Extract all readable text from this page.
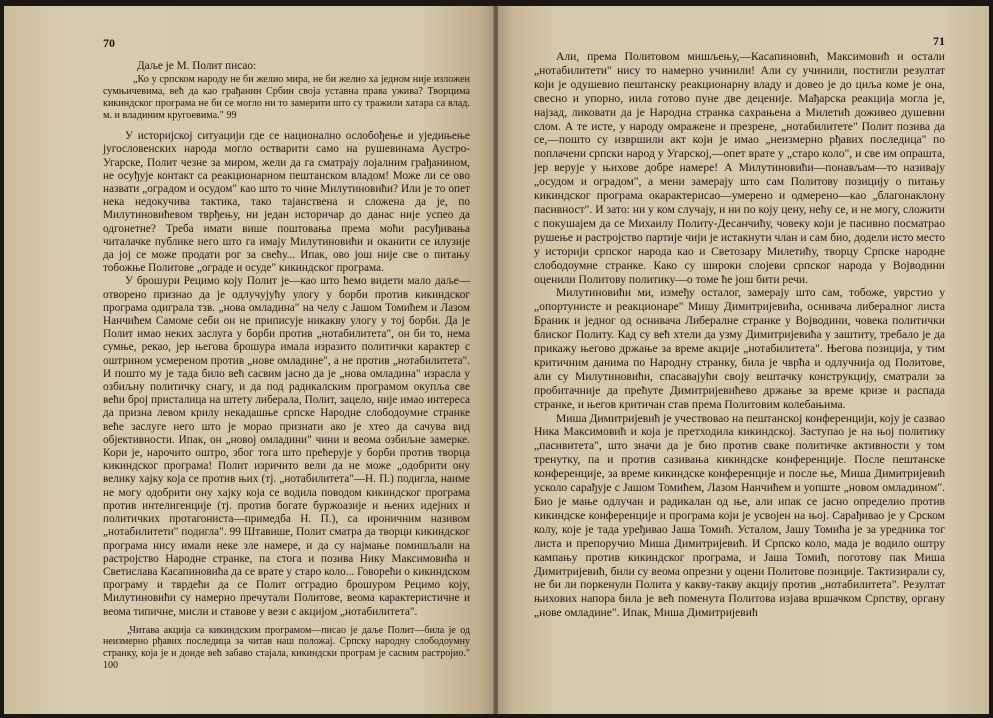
70

Даље је М. Полит писао:

„Ко у српском народу не би желио мира, не би желио ха једном није изложен сумњичевима, већ да као грађанин Србин своја уставна права ужива? Творцима кикиндског програма не би се могло ни то замерити што су тражили хатара са влад. м. и владиним кругоевима." 99

У историјској ситуацији где се национално ослобођење и уједињење југословенских народа могло остварити само на рушевинама Аустро-Угарске, Полит чезне за миром, жели да га сматрају лојалним грађанином, не осуђује контакт са реакционарном пештанском владом! Може ли се ово назвати „оградом и осудом" као што то чине Милутиновићи? Или је то опет нека недокучива тактика, тако тајанствена и сложена да је, по Милутиновићевом тврђењу, ни један историчар до данас није успео да одгонетне? Треба имати више поштовања према моћи расуђивања читалачке публике него што га имају Милутиновићи и оканити се илузије да јој се може продати рог за свећу... Ипак, ово још није све о питању тобожње Политове „ограде и осуде" кикиндског програма.

У брошури Рецимо којy Полит је—као што ћемо видети мало даље—отворено признао да је одлучујућу улогу у борби против кикиндског програма одиграла тзв. „нова омладина" на челу с Јашом Томићем и Лазом Нанчићем Самоме себи он не приписује никакву улогу у тој борби. Да је Полит имао неких заслуга у борби против „нотабилитета", он би то, нема сумње, рекао, јер његова брошура имала изразито политички карактер с оштрином усмереном против „нове омладине", а не против „нотабилитета". И поштo му је тада било већ сасвим јасно да је „нова омладина" израсла у озбиљну политичку снагу, и да под радикалским програмом окупља све већи број присталица на штету либерала, Полит, зацело, није имао интереса да призна левом крилу некадашње српске Народне слободоумне странке веће заслуге него што је морао признати ако је хтео да сачува вид објективности. Ипак, он „новој омладини" чини и веома озбиљне замерке. Кори је, нарочито оштро, због тога што прећерује у борби против творца кикиндског програма! Полит изричито вели да не може „одобрити ону велику хајку која се против њих (тј. „нотабилитета"—Н. П.) подигла, наиме не могу одобрити ону хајку која се водила поводом кикиндског програма против интелигенције (тј. против богате буржоазије и њених идејних и политичких протагониста—примедба Н. П.), са ироничним називом „нотабилитети" подигла". 99 Штавише, Полит сматра да творци кикиндског програма нису имали неке зле намере, и да су најмање помишљали на растројство Народне странке, па стога и позива Нику Максимовића и Светислава Касапиновића да се врате у старо коло... Говорећи о кикиндском програму и тврдећи да се Полит огградио брошуром Рецимо којy, Милутиновићи су намерно пречутали Политове, веома карактеристичне и веома типичне, мисли и ставове у вези с акцијом „нотабилитета".

„Читава акција са кикиндским програмом—писао је даље Полит—била је од неизмерно рђавих последица за читав наш положај. Српску народну слободоумну странку, која је и донде већ забаво стајала, кикиндски програм је сасвим растројио." 100
71

Али, према Политовом мишљењу,—Касапиновић, Максимовић и остали „нотабилитети" нису то намерно учинили! Али су учинили, постигли резултат који је одушевио пештанску реакционарну владу и довео је до циља коме је она, свесно и упорно, иила готово пуне две деценије. Мађарска реакција могла је, најзад, ликовати да је Народна странка сахрањена а Милетић доживео душевни слом. А те исте, у народу омражене и презрене, „нотабилитете" Полит позива да се,—пошто су извршили акт који је имао „неизмерно рђавих последица" по поплачени српски народ у Угарској,—опет врате у „старо коло", и све им опрашта, јер верује у њихове добре намере! А Милутиновићи—понављам—то називају „осудом и оградом", а мени замерају што сам Политову позицију о питању кикиндског програма окарактерисао—умерено и одмерено—као „благонаклону пасивност". И зато: ни у ком случају, и ни по коју цену, нећу се, и не могу, сложити с покушајем да се Михаилу Политу-Десанчићу, човеку који је пасивно посматрао рушење и растројство партије чији је истакнути члан и сам био, додели исто место у историји српског народа као и Светозару Милетићу, творцу Српске народне слободоумне странке. Како су широки слојеви српског народа у Војводини оценили Политову политику—о томе ће још бити речи.

Милутиновићи ми, између осталог, замерају што сам, тобоже, уврстио у „опортунисте и реакционаре" Мишу Димитријевића, оснивача либералног листа Браник и једног од оснивача Либералне странке у Војводини, човека политички блиског Политу. Кад су већ хтели да узму Димитријевића у заштиту, требало је да прикажу његово држање за време акције „нотабилитета". Његова позиција, у тим критичним данима по Народну странку, била је чврћа и одлучнија од Политове, али су Милутиновићи, спасавајући своју вештачку конструкцију, сматрали за пробитачније да прећуте Димитријевићево држање за време кризе и распада странке, и његов критичан став према Политовим колебањима.

Миша Димитријевић је учествовао на пештанској конференцији, коју је сазвао Ника Максимовић и која је претходила кикиндској. Заступао је на њој политику „пасивитета", што значи да је био против сваке политичке активности у том тренутку, па и против сазивања кикиндске конференције. После пештанске конференције, за време кикиндске конференције и после ње, Миша Димитријевић усколо сарађује с Јашом Томићем, Лазом Нанчићем и уопште „новом омладином". Био је мање одлучан и радикалан од ње, али ипак се јасно определио против кикиндске конференције и програма који је усвојен на њој. Сарађивао је у Срском колу, које је тада уређивао Јаша Томић. Усталом, Јашу Томића је за уредника тог листа и препоручио Миша Димитријевић. И Српско коло, мада је водило оштру кампању против кикиндског програма, и Јаша Томић, поготову пак Миша Димитријевић, били су веома опрезни у оцени Политове позиције. Тактизирали су, не би ли поркенули Полита у какву-такву акцију против „нотабилитета". Резултат њихових напора била је већ поменута Политова изјава вршачком Српству, органу „нове омладине". Ипак, Миша Димитријевић
